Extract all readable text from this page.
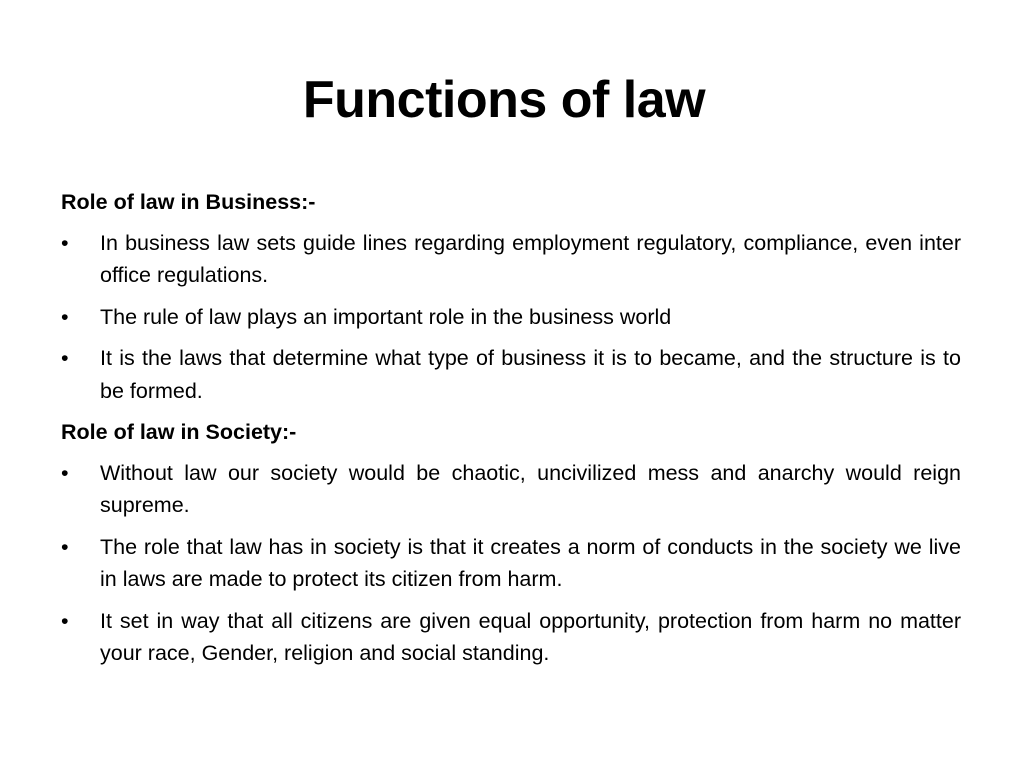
Functions of law

Role of law in Business:-

•	In business law sets guide lines regarding employment regulatory, compliance, even inter office regulations.
•	The rule of law plays an important role in the business world
•	It is the laws that determine what type of business it is to became, and the structure is to be formed.

Role of law in Society:-

•	Without law our society would be chaotic, uncivilized mess and anarchy would reign supreme.
•	The role that law has in society is that it creates a norm of conducts in the society we live in laws are made to protect its citizen from harm.
•	It set in way that all citizens are given equal opportunity, protection from harm no matter your race, Gender, religion and social standing.
